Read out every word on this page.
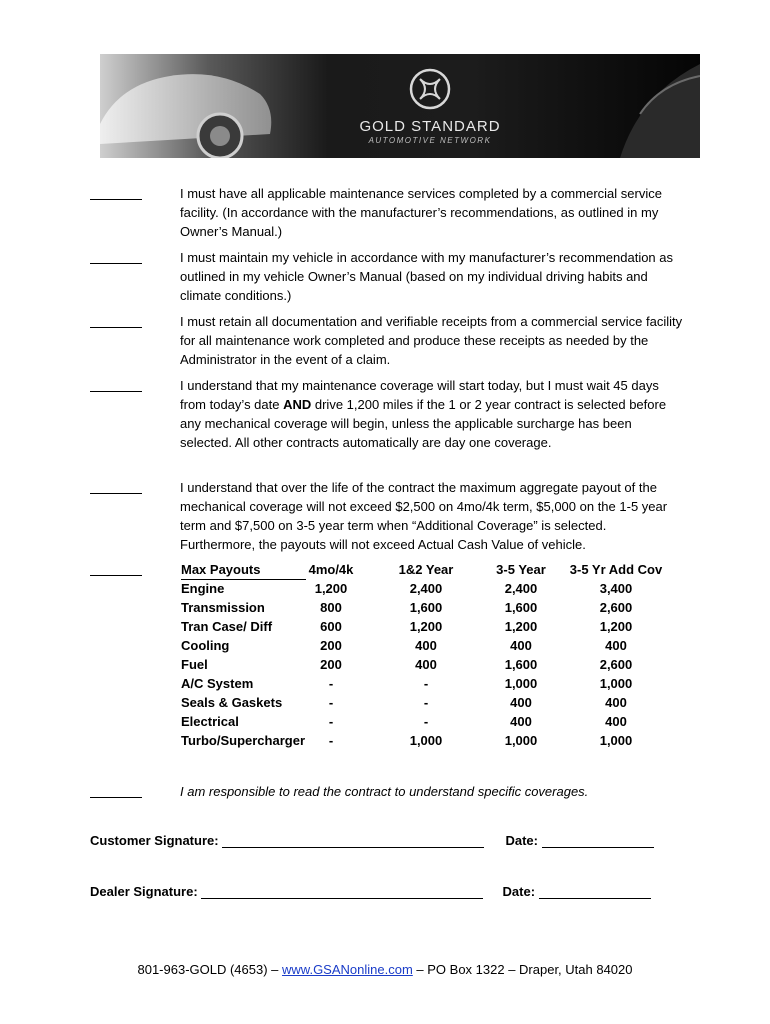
GOLD STANDARD
AUTOMOTIVE NETWORK
I must have all applicable maintenance services completed by a commercial service facility. (In accordance with the manufacturer’s recommendations, as outlined in my Owner’s Manual.)
I must maintain my vehicle in accordance with my manufacturer’s recommendation as outlined in my vehicle Owner’s Manual (based on my individual driving habits and climate conditions.)
I must retain all documentation and verifiable receipts from a commercial service facility for all maintenance work completed and produce these receipts as needed by the Administrator in the event of a claim.
I understand that my maintenance coverage will start today, but I must wait 45 days from today’s date AND drive 1,200 miles if the 1 or 2 year contract is selected before any mechanical coverage will begin, unless the applicable surcharge has been selected. All other contracts automatically are day one coverage.
I understand that over the life of the contract the maximum aggregate payout of the mechanical coverage will not exceed $2,500 on 4mo/4k term, $5,000 on the 1-5 year term and $7,500 on 3-5 year term when “Additional Coverage” is selected. Furthermore, the payouts will not exceed Actual Cash Value of vehicle.
Max Payouts	4mo/4k	1&2 Year	3-5 Year	3-5 Yr Add Cov
Engine	1,200	2,400	2,400	3,400
Transmission	800	1,600	1,600	2,600
Tran Case/ Diff	600	1,200	1,200	1,200
Cooling	200	400	400	400
Fuel	200	400	1,600	2,600
A/C System	-	-	1,000	1,000
Seals & Gaskets	-	-	400	400
Electrical	-	-	400	400
Turbo/Supercharger	-	1,000	1,000	1,000
I am responsible to read the contract to understand specific coverages.
Customer Signature:	Date:
Dealer Signature:	Date:
801-963-GOLD (4653) – www.GSANonline.com – PO Box 1322 – Draper, Utah 84020
